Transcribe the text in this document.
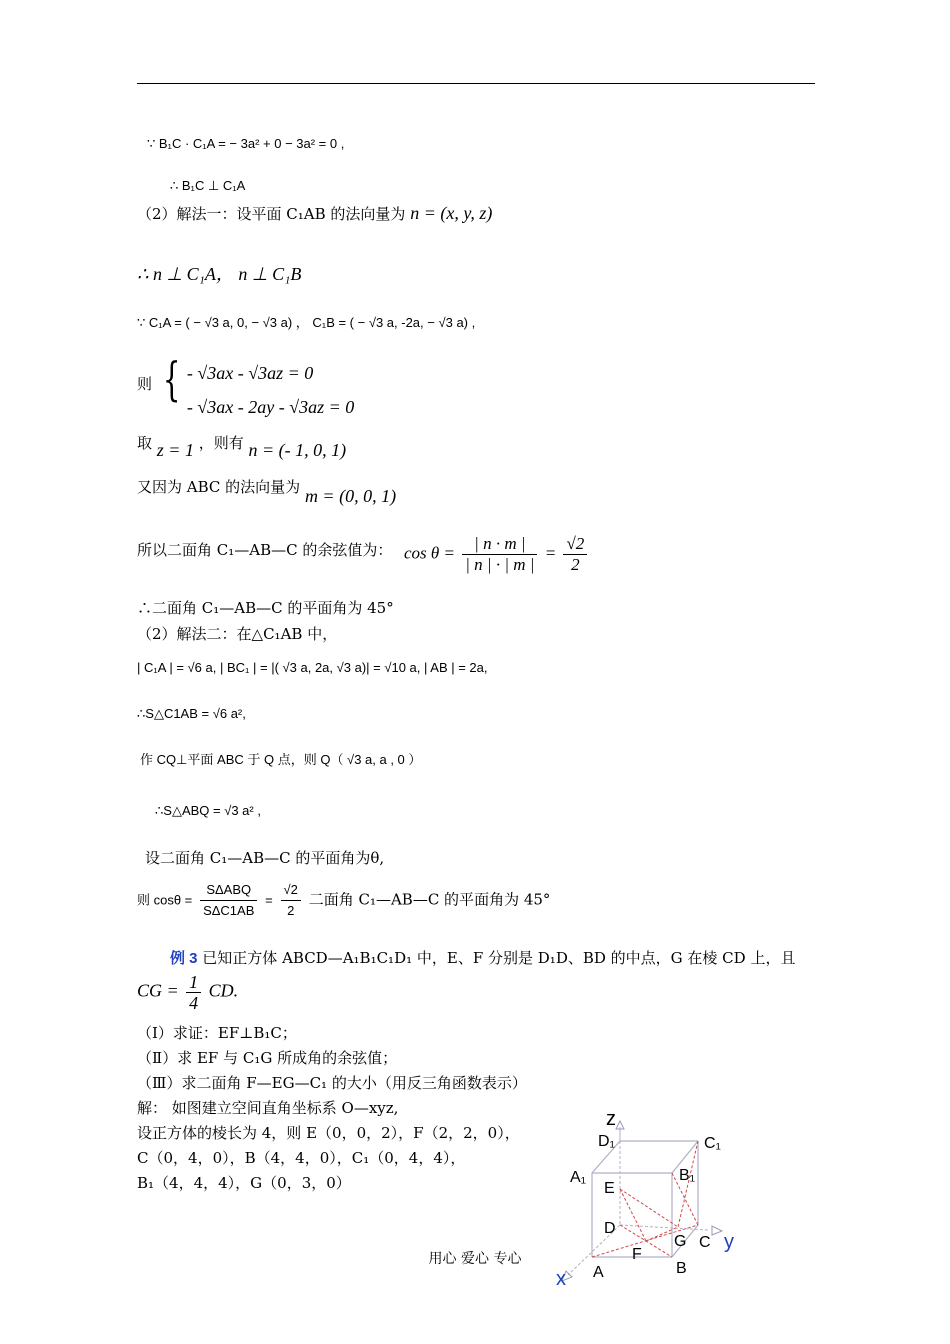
∵ B₁C · C₁A = − 3a² + 0 − 3a² = 0 ,
∴ B₁C ⊥ C₁A
（2）解法一：设平面 C₁AB 的法向量为 n = (x, y, z)
∴ n ⊥ C₁A， n ⊥ C₁B
∵ C₁A = ( − √3 a, 0, − √3 a) ， C₁B = ( − √3 a, -2a, − √3 a) ,
则 { - √3ax - √3az = 0
- √3ax - 2ay - √3az = 0
取 z = 1 ，则有 n = (- 1, 0, 1)
又因为 ABC 的法向量为 m = (0, 0, 1)
所以二面角 C₁—AB—C 的余弦值为： $\cos \theta = \frac{| n \cdot m |}{| n | \cdot | m |} = \frac{√2}{2}$
∴二面角 C₁—AB—C 的平面角为 45°
（2）解法二：在△C₁AB 中，
| C₁A | = √6 a, | BC₁ | = |( √3 a, 2a, √3 a)| = √10 a, | AB | = 2a,
∴S△C1AB = √6 a²,
作 CQ⊥平面 ABC 于 Q 点，则 Q（ √3 a, a , 0 ）
∴S△ABQ = √3 a² ,
设二面角 C₁—AB—C 的平面角为θ,
则 $\cos\theta = \frac{\text{SΔABQ}}{\text{SΔC1AB}} = \frac{√2}{2}$ 二面角 C₁—AB—C 的平面角为 45°
例 3 已知正方体 ABCD—A₁B₁C₁D₁ 中，E、F 分别是 D₁D、BD 的中点，G 在棱 CD 上，且
CG = $\frac{1}{4}$ CD.
（Ⅰ）求证：EF⊥B₁C；
（Ⅱ）求 EF 与 C₁G 所成角的余弦值；
（Ⅲ）求二面角 F—EG—C₁ 的大小（用反三角函数表示）
解： 如图建立空间直角坐标系 O—xyz,
设正方体的棱长为 4，则 E（0，0，2），F（2，2，0），
C（0，4，0），B（4，4，0），C₁（0，4，4），
B₁（4，4，4），G（0，3，0）
z
y
x
D₁	C₁
A₁	B₁
E
D
G C
F
A	B
用心 爱心 专心
